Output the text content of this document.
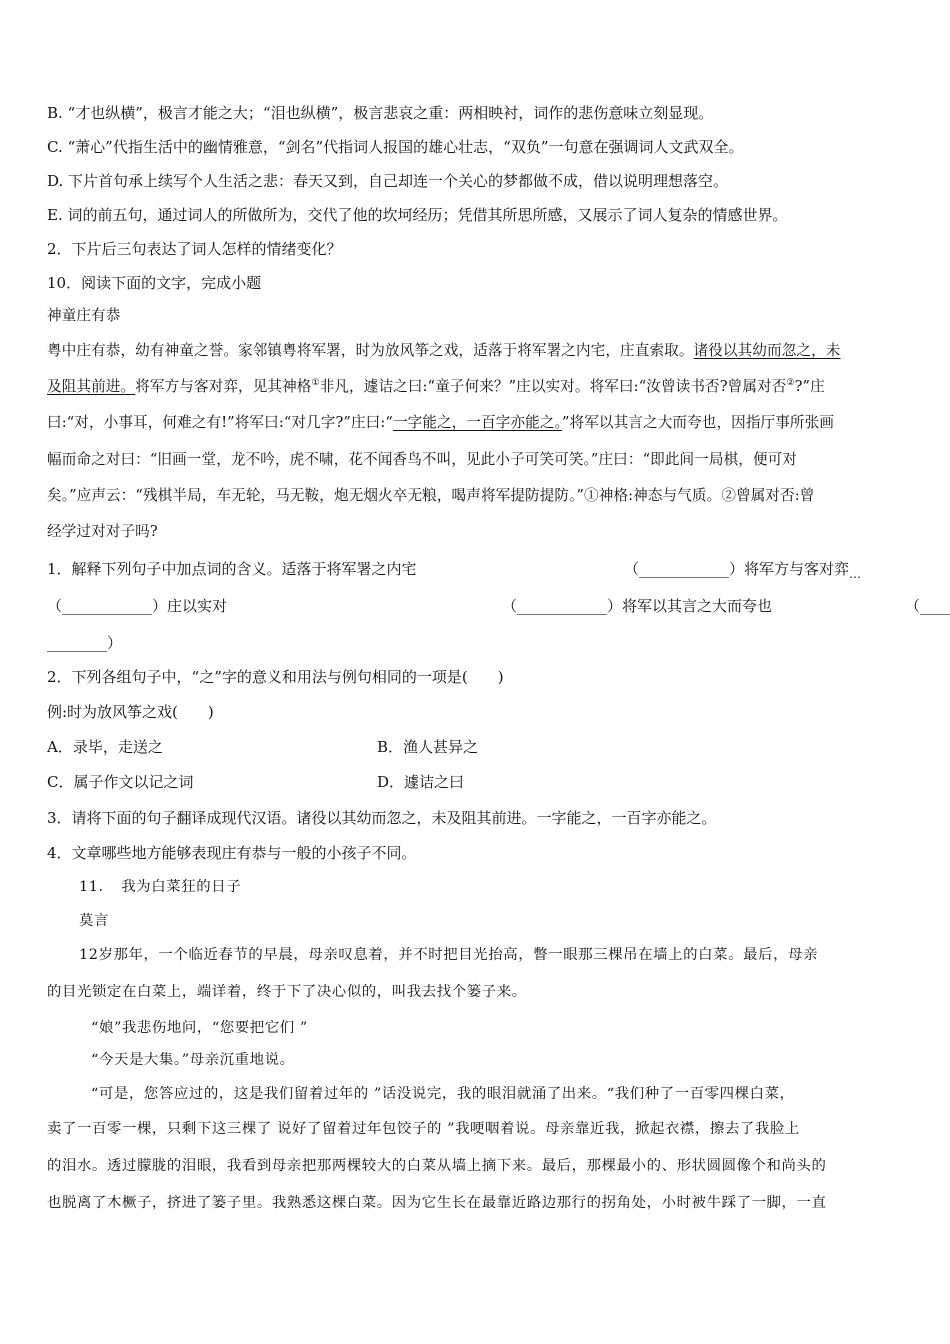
B. “才也纵横”，极言才能之大；“泪也纵横”，极言悲哀之重：两相映衬，词作的悲伤意味立刻显现。
C. “萧心”代指生活中的幽情雅意，“剑名”代指词人报国的雄心壮志，“双负”一句意在强调词人文武双全。
D. 下片首句承上续写个人生活之悲：春天又到，自己却连一个关心的梦都做不成，借以说明理想落空。
E. 词的前五句，通过词人的所做所为，交代了他的坎坷经历；凭借其所思所感，又展示了词人复杂的情感世界。
2．下片后三句表达了词人怎样的情绪变化？
10．阅读下面的文字，完成小题
神童庄有恭
粤中庄有恭，幼有神童之誉。家邻镇粤将军署，时为放风筝之戏，适落于将军署之内宅，庄直索取。诸役以其幼而忽之，未
及阻其前进。将军方与客对弈，见其神格①非凡，遽诘之曰:“童子何来？”庄以实对。将军曰:“汝曾读书否?曾属对否②?”庄
曰:“对，小事耳，何难之有!”将军曰:“对几字?”庄曰:“一字能之，一百字亦能之。”将军以其言之大而夸也，因指厅事所张画
幅而命之对曰：“旧画一堂，龙不吟，虎不啸，花不闻香鸟不叫，见此小子可笑可笑。”庄曰：“即此间一局棋，便可对
矣。”应声云：“残棋半局，车无轮，马无鞍，炮无烟火卒无粮，喝声将军提防提防。”①神格:神态与气质。②曾属对否:曾
经学过对对子吗?
1．解释下列句子中加点词的含义。适落于将军署之内宅	（____________）将军方与客对弈$_\dots$
（____________）庄以实对	（____________）将军以其言之大而夸也	（____
________）
2．下列各组句子中，“之”字的意义和用法与例句相同的一项是(　　)
例:时为放风筝之戏(　　)
A．录毕，走送之	B．渔人甚异之
C．属子作文以记之词	D．遽诘之曰
3．请将下面的句子翻译成现代汉语。诸役以其幼而忽之，未及阻其前进。一字能之，一百字亦能之。
4．文章哪些地方能够表现庄有恭与一般的小孩子不同。
11．　我为白菜狂的日子
莫言
12岁那年，一个临近春节的早晨，母亲叹息着，并不时把目光抬高，瞥一眼那三棵吊在墙上的白菜。最后，母亲
的目光锁定在白菜上，端详着，终于下了决心似的，叫我去找个篓子来。
“娘”我悲伤地问，“您要把它们 ”
“今天是大集。”母亲沉重地说。
“可是，您答应过的，这是我们留着过年的 ”话没说完，我的眼泪就涌了出来。“我们种了一百零四棵白菜，
卖了一百零一棵，只剩下这三棵了 说好了留着过年包饺子的 ”我哽咽着说。母亲靠近我，掀起衣襟，擦去了我脸上
的泪水。透过朦胧的泪眼，我看到母亲把那两棵较大的白菜从墙上摘下来。最后，那棵最小的、形状圆圆像个和尚头的
也脱离了木橛子，挤进了篓子里。我熟悉这棵白菜。因为它生长在最靠近路边那行的拐角处，小时被牛踩了一脚，一直
